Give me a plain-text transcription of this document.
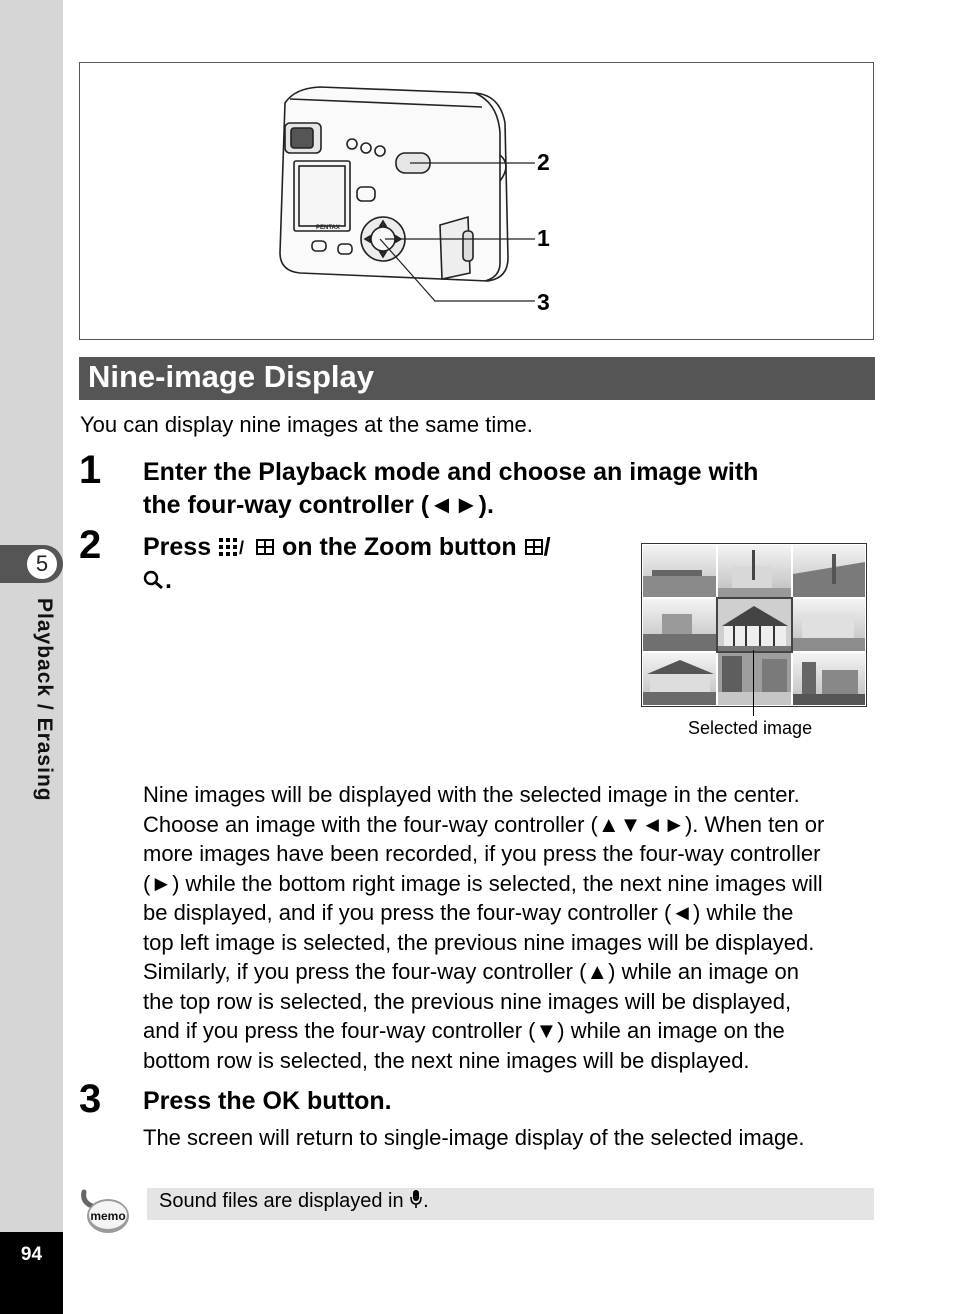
5
Playback / Erasing
94
PENTAX
2
1
3
Nine-image Display
You can display nine images at the same time.
1 Enter the Playback mode and choose an image with
the four-way controller (◄►).
2 Press / on the Zoom button /
.
Selected image

Nine images will be displayed with the selected image in the center.

Choose an image with the four-way controller (▲▼◄►). When ten or

more images have been recorded, if you press the four-way controller

(►) while the bottom right image is selected, the next nine images will

be displayed, and if you press the four-way controller (◄) while the

top left image is selected, the previous nine images will be displayed.

Similarly, if you press the four-way controller (▲) while an image on

the top row is selected, the previous nine images will be displayed,

and if you press the four-way controller (▼) while an image on the

bottom row is selected, the next nine images will be displayed.

3 Press the OK button.
The screen will return to single-image display of the selected image.
memo
Sound files are displayed in .
